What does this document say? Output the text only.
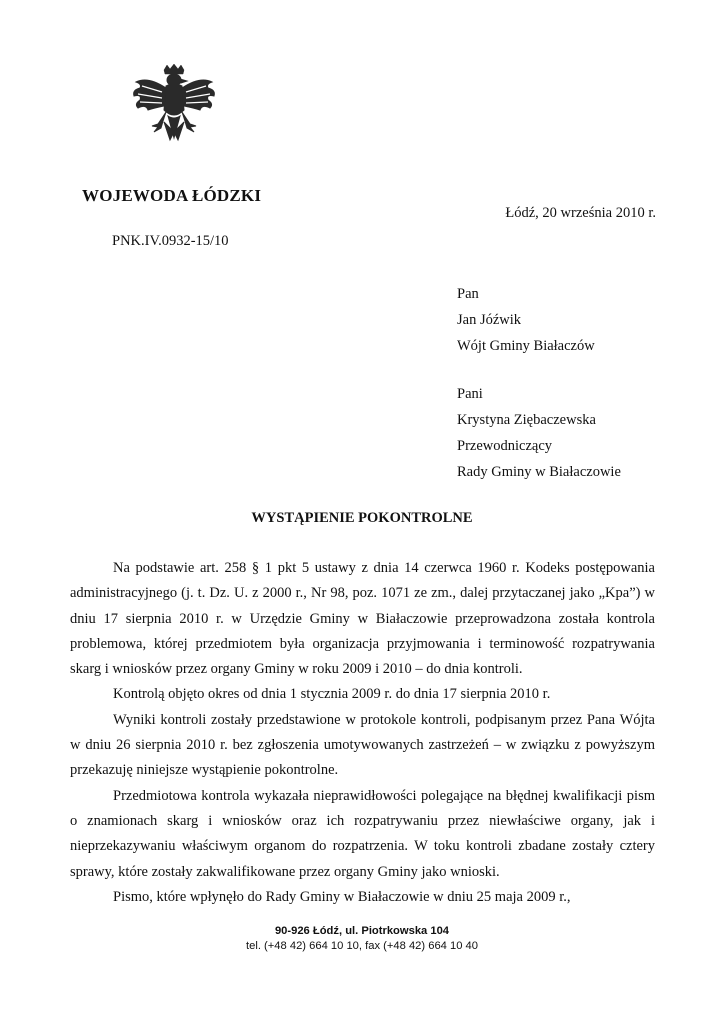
WOJEWODA ŁÓDZKI
Łódź, 20 września 2010 r.
PNK.IV.0932-15/10
Pan
Jan Jóźwik
Wójt Gminy Białaczów
Pani
Krystyna Ziębaczewska
Przewodniczący
Rady Gminy w Białaczowie
WYSTĄPIENIE POKONTROLNE

Na podstawie art. 258 § 1 pkt 5 ustawy z dnia 14 czerwca 1960 r. Kodeks postępowania administracyjnego (j. t. Dz. U. z 2000 r., Nr 98, poz. 1071 ze zm., dalej przytaczanej jako „Kpa”) w dniu 17 sierpnia 2010 r. w Urzędzie Gminy w Białaczowie przeprowadzona została kontrola problemowa, której przedmiotem była organizacja przyjmowania i terminowość rozpatrywania skarg i wniosków przez organy Gminy w roku 2009 i 2010 – do dnia kontroli.

Kontrolą objęto okres od dnia 1 stycznia 2009 r. do dnia 17 sierpnia 2010 r.

Wyniki kontroli zostały przedstawione w protokole kontroli, podpisanym przez Pana Wójta w dniu 26 sierpnia 2010 r. bez zgłoszenia umotywowanych zastrzeżeń – w związku z powyższym przekazuję niniejsze wystąpienie pokontrolne.

Przedmiotowa kontrola wykazała nieprawidłowości polegające na błędnej kwalifikacji pism o znamionach skarg i wniosków oraz ich rozpatrywaniu przez niewłaściwe organy, jak i nieprzekazywaniu właściwym organom do rozpatrzenia. W toku kontroli zbadane zostały cztery sprawy, które zostały zakwalifikowane przez organy Gminy jako wnioski.

Pismo, które wpłynęło do Rady Gminy w Białaczowie w dniu 25 maja 2009 r.,

90-926 Łódź, ul. Piotrkowska 104
tel. (+48 42) 664 10 10, fax (+48 42) 664 10 40
